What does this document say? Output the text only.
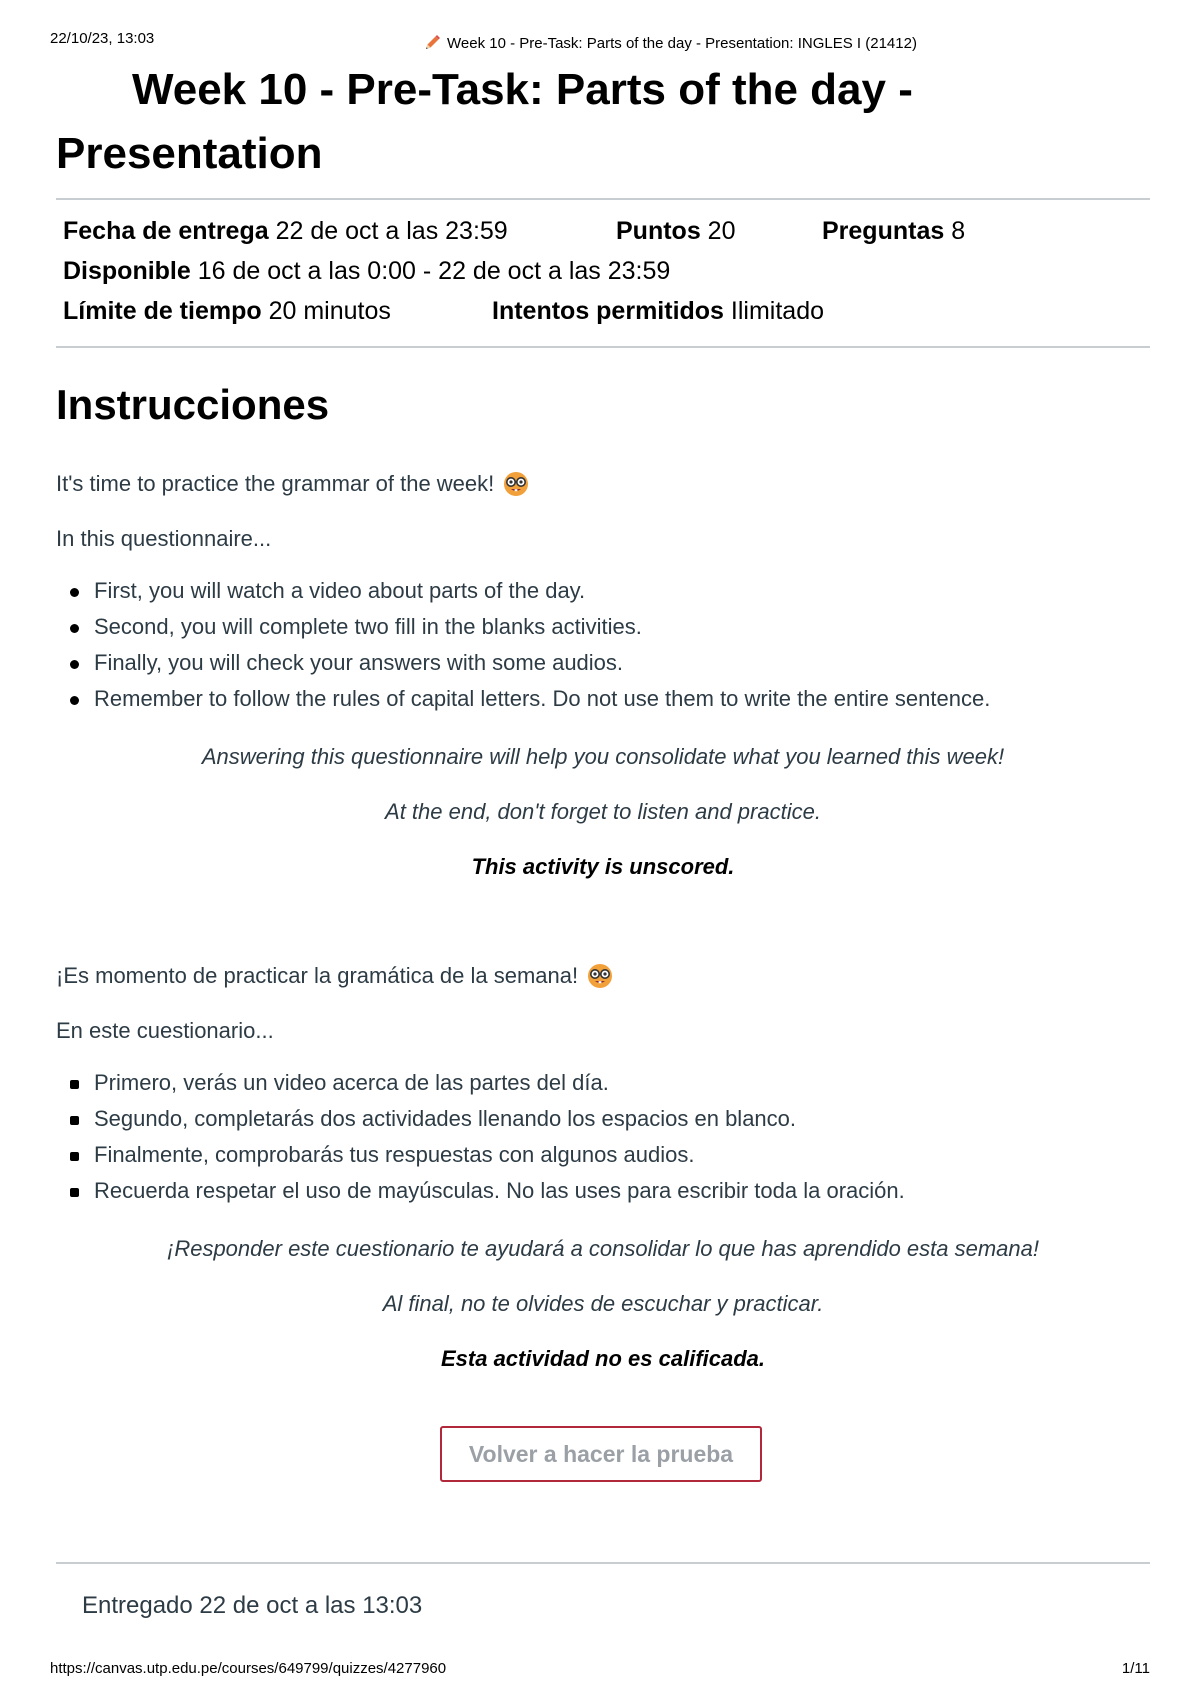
22/10/23, 13:03	Week 10 - Pre-Task: Parts of the day - Presentation: INGLES I (21412)
Week 10 - Pre-Task: Parts of the day -
Presentation
Fecha de entrega 22 de oct a las 23:59	Puntos 20	Preguntas 8
Disponible 16 de oct a las 0:00 - 22 de oct a las 23:59
Límite de tiempo 20 minutos	Intentos permitidos Ilimitado
Instrucciones
It's time to practice the grammar of the week!
In this questionnaire...
First, you will watch a video about parts of the day.
Second, you will complete two fill in the blanks activities.
Finally, you will check your answers with some audios.
Remember to follow the rules of capital letters. Do not use them to write the entire sentence.
Answering this questionnaire will help you consolidate what you learned this week!
At the end, don't forget to listen and practice.
This activity is unscored.
¡Es momento de practicar la gramática de la semana!
En este cuestionario...
Primero, verás un video acerca de las partes del día.
Segundo, completarás dos actividades llenando los espacios en blanco.
Finalmente, comprobarás tus respuestas con algunos audios.
Recuerda respetar el uso de mayúsculas. No las uses para escribir toda la oración.
¡Responder este cuestionario te ayudará a consolidar lo que has aprendido esta semana!
Al final, no te olvides de escuchar y practicar.
Esta actividad no es calificada.
Volver a hacer la prueba
Entregado 22 de oct a las 13:03
https://canvas.utp.edu.pe/courses/649799/quizzes/4277960	1/11
